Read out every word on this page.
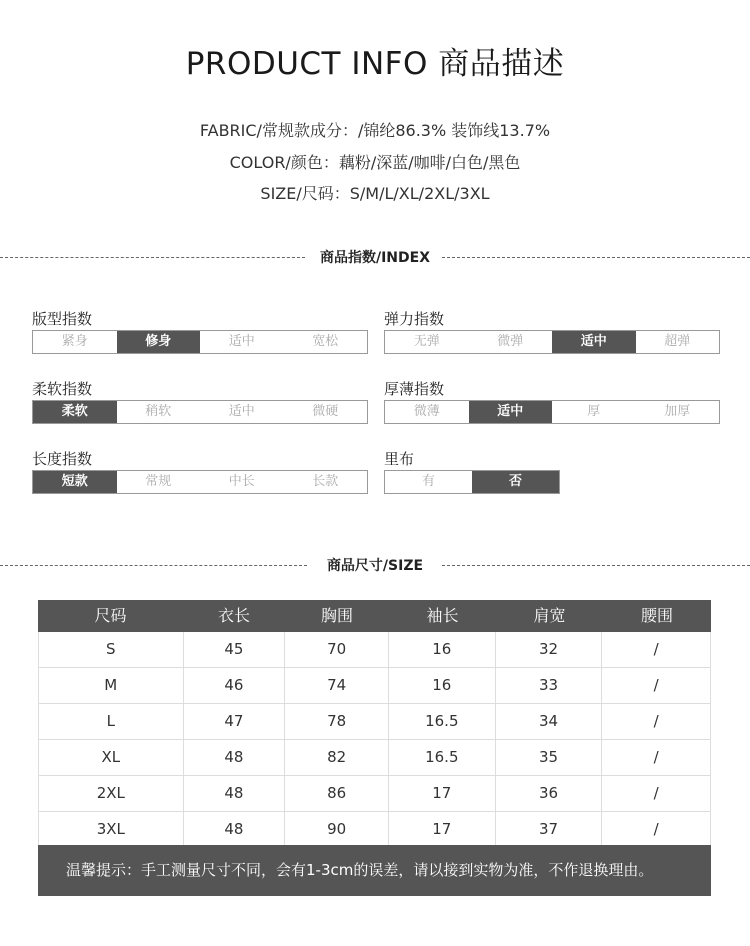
PRODUCT INFO 商品描述
FABRIC/常规款成分：/锦纶86.3% 装饰线13.7%
COLOR/颜色：藕粉/深蓝/咖啡/白色/黑色
SIZE/尺码：S/M/L/XL/2XL/3XL
商品指数/INDEX
版型指数
紧身	修身	适中	宽松
弹力指数
无弹	微弹	适中	超弹
柔软指数
柔软	稍软	适中	微硬
厚薄指数
微薄	适中	厚	加厚
长度指数
短款	常规	中长	长款
里布
有	否
商品尺寸/SIZE
尺码	衣长	胸围	袖长	肩宽	腰围
S	45	70	16	32	/
M	46	74	16	33	/
L	47	78	16.5	34	/
XL	48	82	16.5	35	/
2XL	48	86	17	36	/
3XL	48	90	17	37	/
温馨提示：手工测量尺寸不同，会有1-3cm的误差，请以接到实物为准，不作退换理由。
